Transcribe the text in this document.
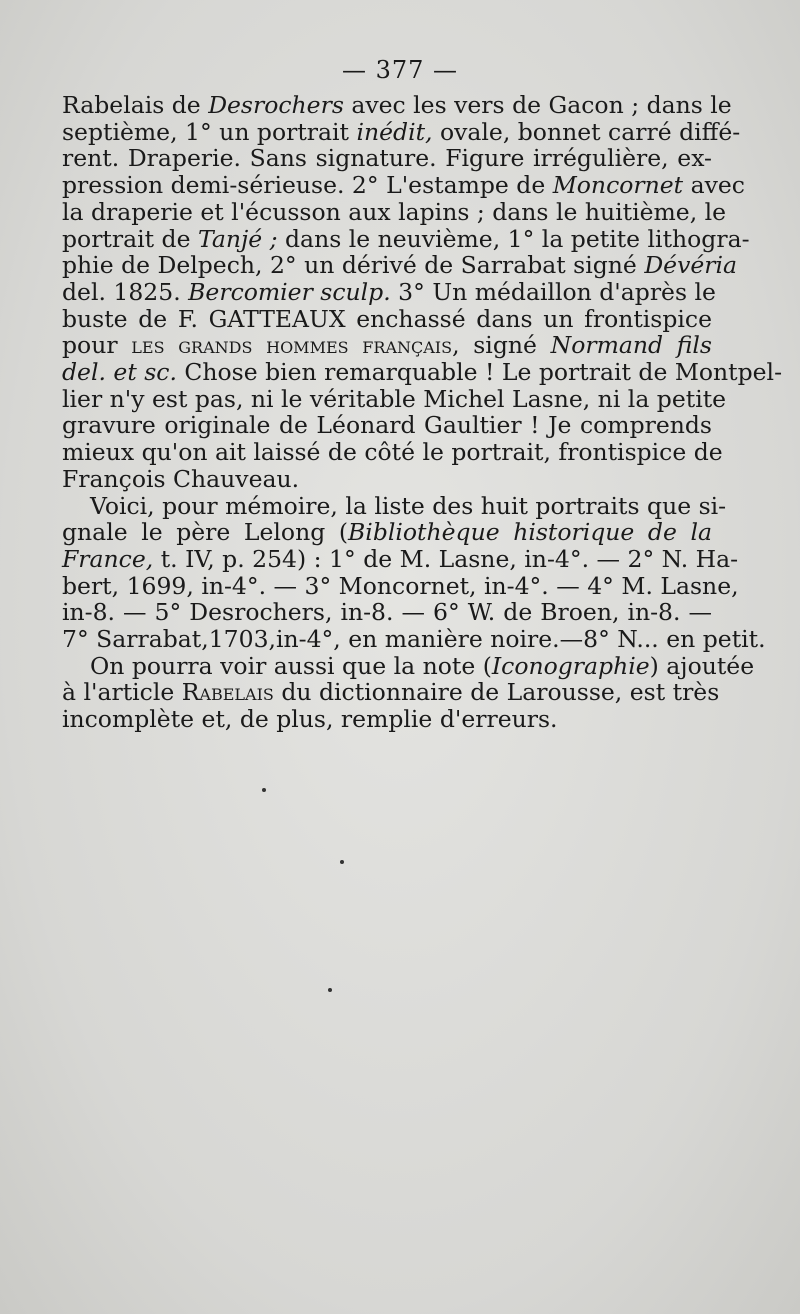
— 377 —
Rabelais de Desrochers avec les vers de Gacon ; dans le
septième, 1° un portrait inédit, ovale, bonnet carré diffé-
rent. Draperie. Sans signature. Figure irrégulière, ex-
pression demi-sérieuse. 2° L'estampe de Moncornet avec
la draperie et l'écusson aux lapins ; dans le huitième, le
portrait de Tanjé ; dans le neuvième, 1° la petite lithogra-
phie de Delpech, 2° un dérivé de Sarrabat signé Dévéria
del. 1825. Bercomier sculp. 3° Un médaillon d'après le
buste de F. GATTEAUX enchassé dans un frontispice
pour les grands hommes français, signé Normand fils
del. et sc. Chose bien remarquable ! Le portrait de Montpel-
lier n'y est pas, ni le véritable Michel Lasne, ni la petite
gravure originale de Léonard Gaultier ! Je comprends
mieux qu'on ait laissé de côté le portrait, frontispice de
François Chauveau.
Voici, pour mémoire, la liste des huit portraits que si-
gnale le père Lelong (Bibliothèque historique de la
France, t. IV, p. 254) : 1° de M. Lasne, in-4°. — 2° N. Ha-
bert, 1699, in-4°. — 3° Moncornet, in-4°. — 4° M. Lasne,
in-8. — 5° Desrochers, in-8. — 6° W. de Broen, in-8. —
7° Sarrabat,1703,in-4°, en manière noire.—8° N... en petit.
On pourra voir aussi que la note (Iconographie) ajoutée
à l'article Rabelais du dictionnaire de Larousse, est très
incomplète et, de plus, remplie d'erreurs.
